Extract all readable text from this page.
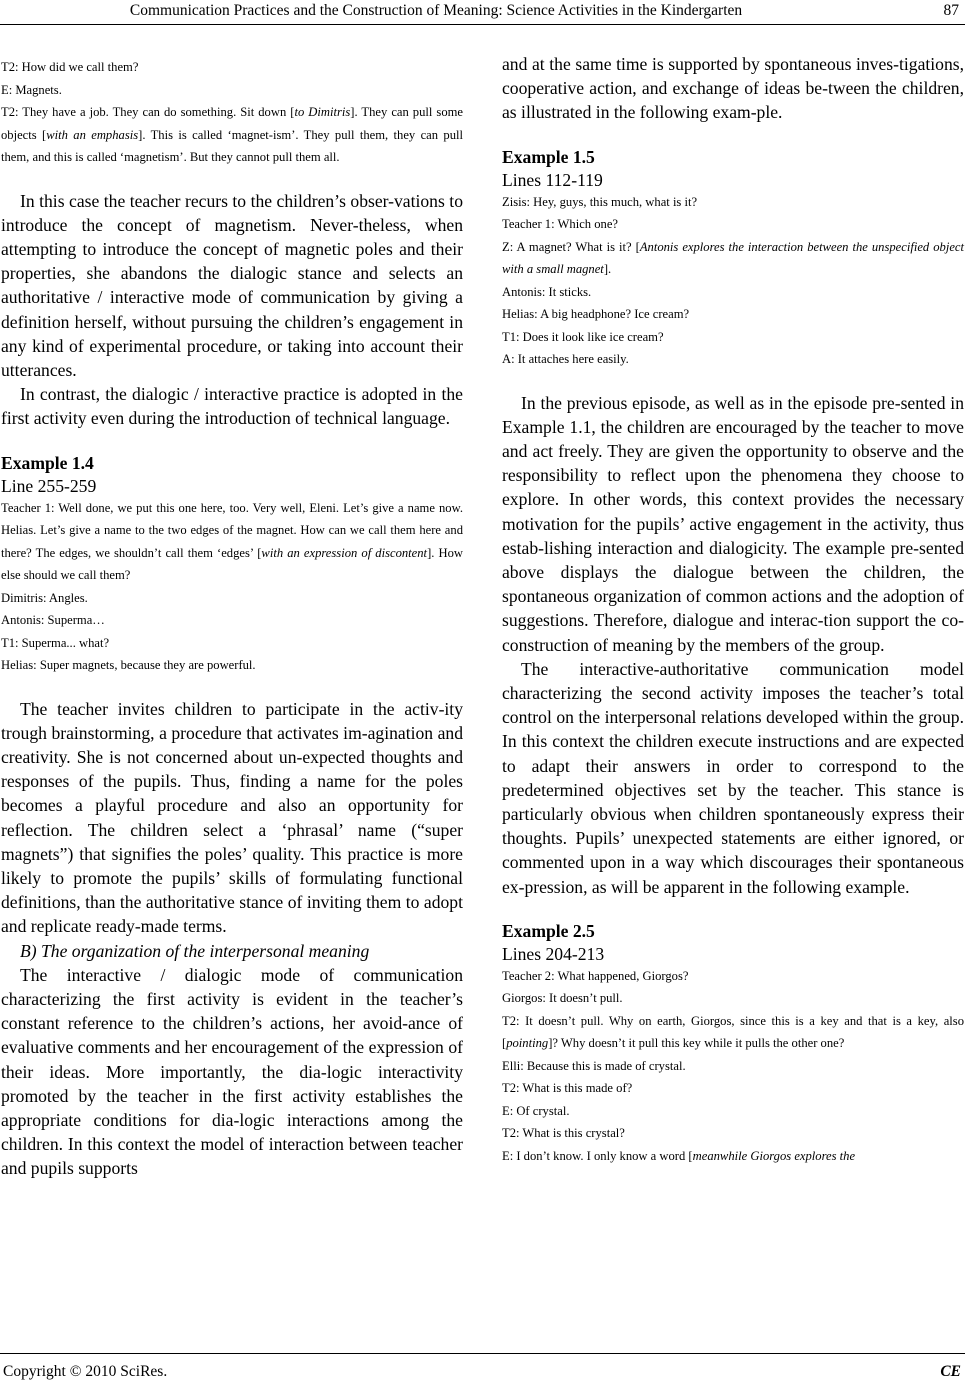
Communication Practices and the Construction of Meaning: Science Activities in the Kindergarten	87

T2: How did we call them?

E: Magnets.

T2: They have a job. They can do something. Sit down [to Dimitris]. They can pull some objects [with an emphasis]. This is called ‘magnet-ism’. They pull them, they can pull them, and this is called ‘magnetism’. But they cannot pull them all.

In this case the teacher recurs to the children’s obser-vations to introduce the concept of magnetism. Never-theless, when attempting to introduce the concept of magnetic poles and their properties, she abandons the dialogic stance and selects an authoritative / interactive mode of communication by giving a definition herself, without pursuing the children’s engagement in any kind of experimental procedure, or taking into account their utterances.

In contrast, the dialogic / interactive practice is adopted in the first activity even during the introduction of technical language.

Example 1.4

Line 255-259

Teacher 1: Well done, we put this one here, too. Very well, Eleni. Let’s give a name now. Helias. Let’s give a name to the two edges of the magnet. How can we call them here and there? The edges, we shouldn’t call them ‘edges’ [with an expression of discontent]. How else should we call them?

Dimitris: Angles.

Antonis: Superma…

T1: Superma... what?

Helias: Super magnets, because they are powerful.

The teacher invites children to participate in the activ-ity trough brainstorming, a procedure that activates im-agination and creativity. She is not concerned about un-expected thoughts and responses of the pupils. Thus, finding a name for the poles becomes a playful procedure and also an opportunity for reflection. The children select a ‘phrasal’ name (“super magnets”) that signifies the poles’ quality. This practice is more likely to promote the pupils’ skills of formulating functional definitions, than the authoritative stance of inviting them to adopt and replicate ready-made terms.

B) The organization of the interpersonal meaning

The interactive / dialogic mode of communication characterizing the first activity is evident in the teacher’s constant reference to the children’s actions, her avoid-ance of evaluative comments and her encouragement of the expression of their ideas. More importantly, the dia-logic interactivity promoted by the teacher in the first activity establishes the appropriate conditions for dia-logic interactions among the children. In this context the model of interaction between teacher and pupils supports

and at the same time is supported by spontaneous inves-tigations, cooperative action, and exchange of ideas be-tween the children, as illustrated in the following exam-ple.

Example 1.5

Lines 112-119

Zisis: Hey, guys, this much, what is it?

Teacher 1: Which one?

Z: A magnet? What is it? [Antonis explores the interaction between the unspecified object with a small magnet].

Antonis: It sticks.

Helias: A big headphone? Ice cream?

T1: Does it look like ice cream?

A: It attaches here easily.

In the previous episode, as well as in the episode pre-sented in Example 1.1, the children are encouraged by the teacher to move and act freely. They are given the opportunity to observe and the responsibility to reflect upon the phenomena they choose to explore. In other words, this context provides the necessary motivation for the pupils’ active engagement in the activity, thus estab-lishing interaction and dialogicity. The example pre-sented above displays the dialogue between the children, the spontaneous organization of common actions and the adoption of suggestions. Therefore, dialogue and interac-tion support the co-construction of meaning by the members of the group.

The interactive-authoritative communication model characterizing the second activity imposes the teacher’s total control on the interpersonal relations developed within the group. In this context the children execute instructions and are expected to adapt their answers in order to correspond to the predetermined objectives set by the teacher. This stance is particularly obvious when children spontaneously express their thoughts. Pupils’ unexpected statements are either ignored, or commented upon in a way which discourages their spontaneous ex-pression, as will be apparent in the following example.

Example 2.5

Lines 204-213

Teacher 2: What happened, Giorgos?

Giorgos: It doesn’t pull.

T2: It doesn’t pull. Why on earth, Giorgos, since this is a key and that is a key, also [pointing]? Why doesn’t it pull this key while it pulls the other one?

Elli: Because this is made of crystal.

T2: What is this made of?

E: Of crystal.

T2: What is this crystal?

E: I don’t know. I only know a word [meanwhile Giorgos explores the

Copyright © 2010 SciRes.	CE
